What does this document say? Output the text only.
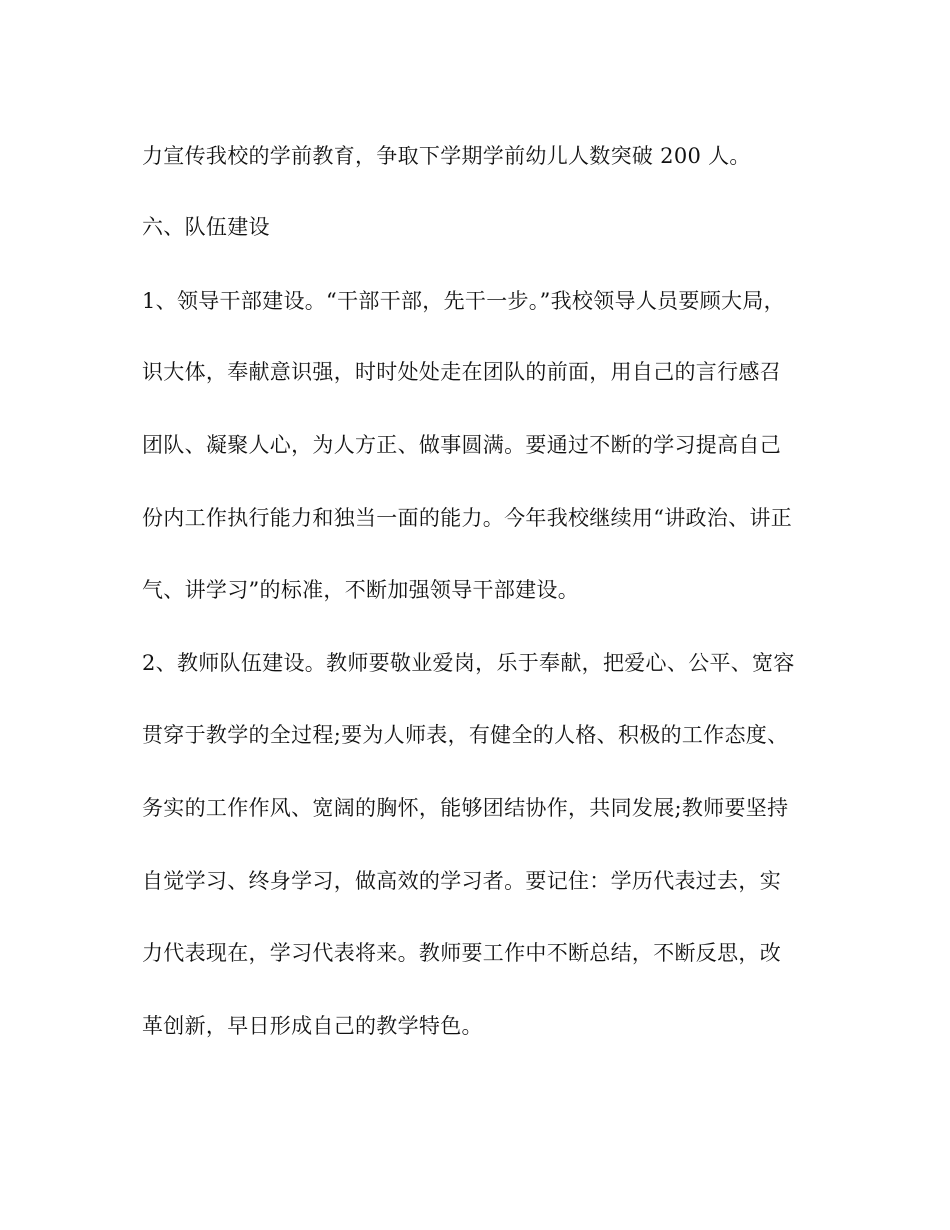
力宣传我校的学前教育，争取下学期学前幼儿人数突破 200 人。
六、队伍建设
1、领导干部建设。“干部干部，先干一步。”我校领导人员要顾大局，
识大体，奉献意识强，时时处处走在团队的前面，用自己的言行感召
团队、凝聚人心，为人方正、做事圆满。要通过不断的学习提高自己
份内工作执行能力和独当一面的能力。今年我校继续用“讲政治、讲正
气、讲学习”的标准，不断加强领导干部建设。
2、教师队伍建设。教师要敬业爱岗，乐于奉献，把爱心、公平、宽容
贯穿于教学的全过程;要为人师表，有健全的人格、积极的工作态度、
务实的工作作风、宽阔的胸怀，能够团结协作，共同发展;教师要坚持
自觉学习、终身学习，做高效的学习者。要记住：学历代表过去，实
力代表现在，学习代表将来。教师要工作中不断总结，不断反思，改
革创新，早日形成自己的教学特色。
